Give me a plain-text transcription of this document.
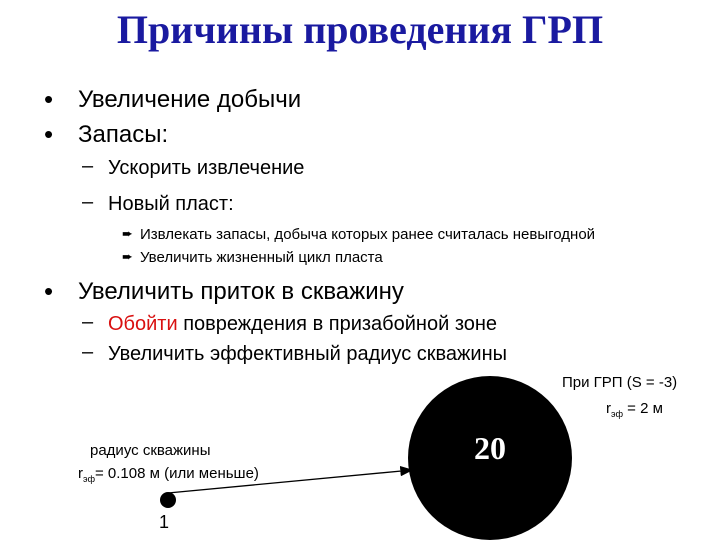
Причины проведения ГРП
• Увеличение добычи
• Запасы:
– Ускорить извлечение
– Новый пласт:
➨ Извлекать запасы, добыча которых ранее считалась невыгодной
➨ Увеличить жизненный цикл пласта
• Увеличить приток в скважину
– Обойти повреждения в призабойной зоне
– Увеличить эффективный радиус скважины
радиус скважины
$r_{эф}= 0.108$ м (или меньше)
1
20
При ГРП (S = -3)
$r_{эф} = 2$ м
